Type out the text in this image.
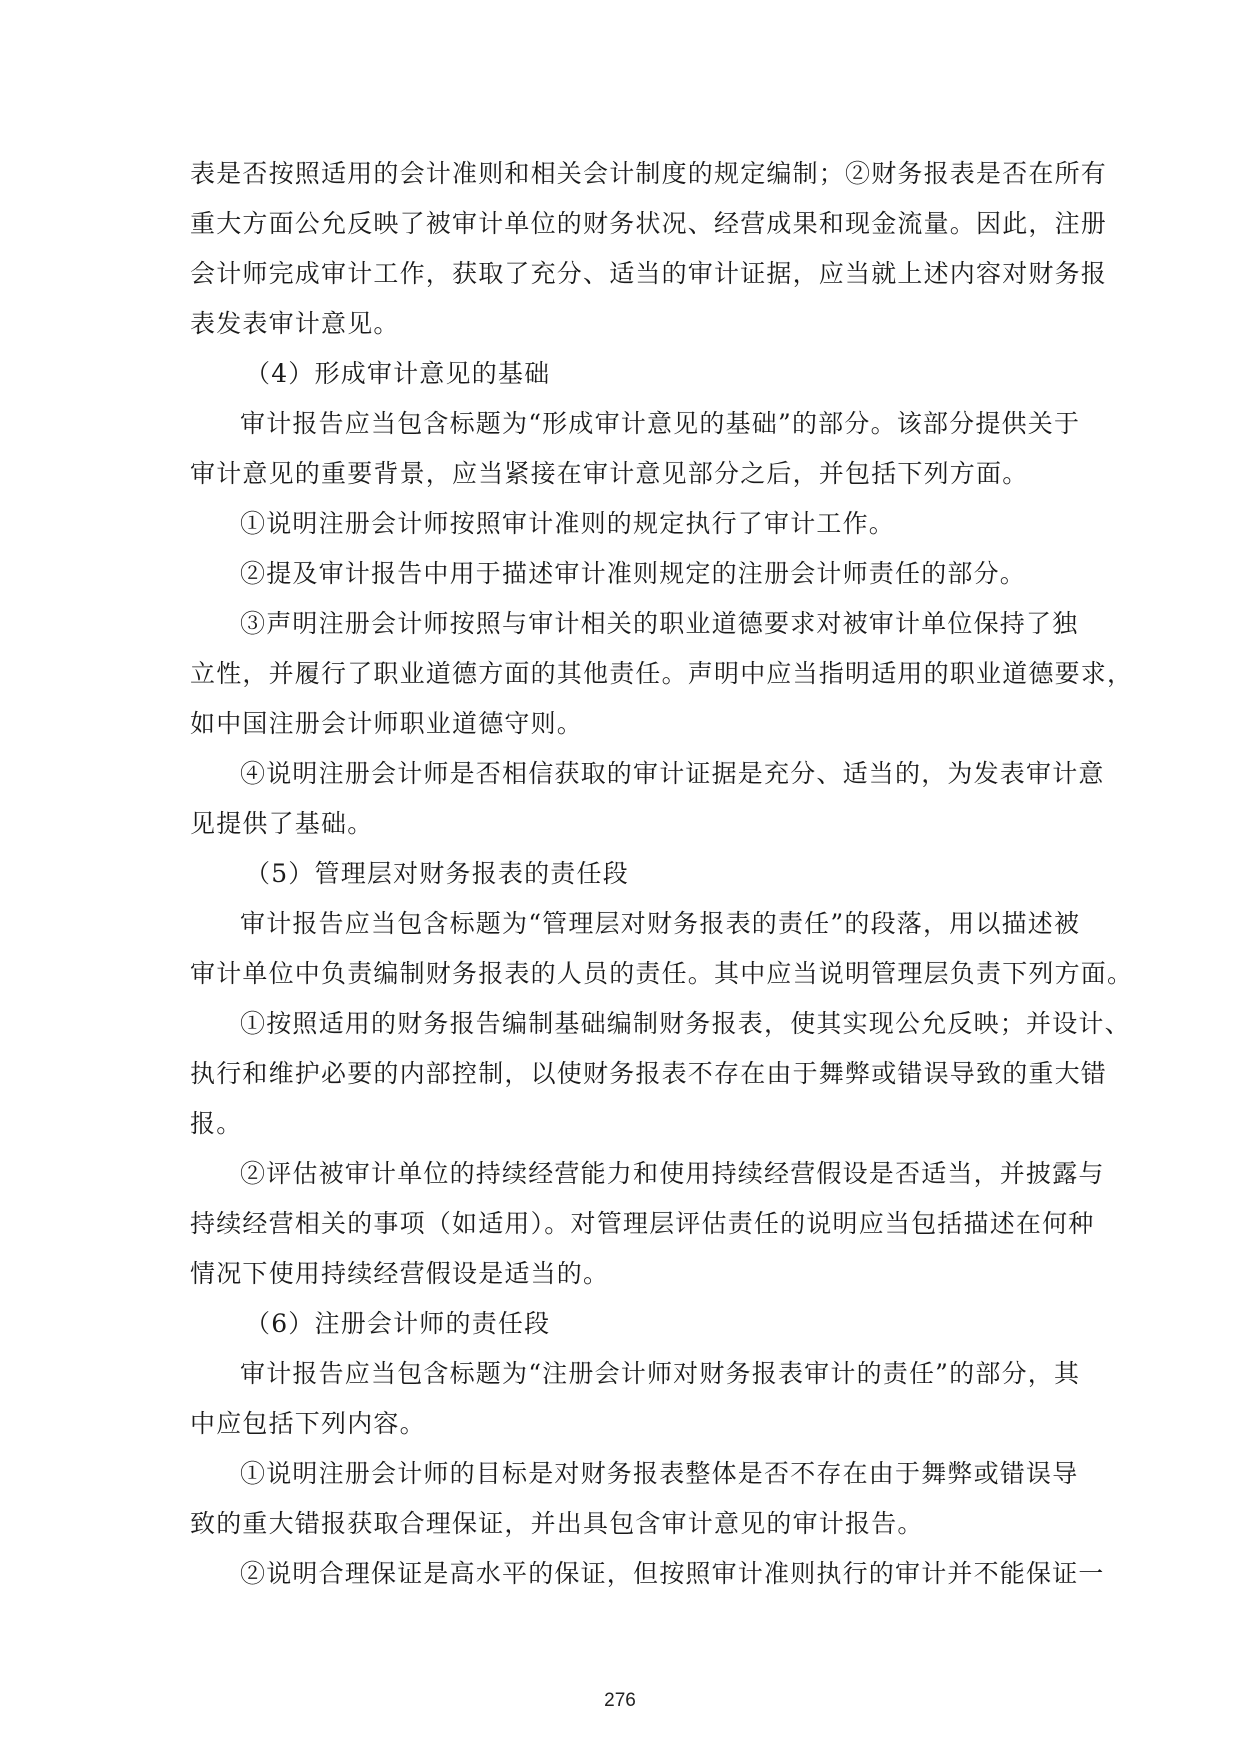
表是否按照适用的会计准则和相关会计制度的规定编制；②财务报表是否在所有
重大方面公允反映了被审计单位的财务状况、经营成果和现金流量。因此，注册
会计师完成审计工作，获取了充分、适当的审计证据，应当就上述内容对财务报
表发表审计意见。
（4）形成审计意见的基础
审计报告应当包含标题为“形成审计意见的基础”的部分。该部分提供关于
审计意见的重要背景，应当紧接在审计意见部分之后，并包括下列方面。
①说明注册会计师按照审计准则的规定执行了审计工作。
②提及审计报告中用于描述审计准则规定的注册会计师责任的部分。
③声明注册会计师按照与审计相关的职业道德要求对被审计单位保持了独
立性，并履行了职业道德方面的其他责任。声明中应当指明适用的职业道德要求，
如中国注册会计师职业道德守则。
④说明注册会计师是否相信获取的审计证据是充分、适当的，为发表审计意
见提供了基础。
（5）管理层对财务报表的责任段
审计报告应当包含标题为“管理层对财务报表的责任”的段落，用以描述被
审计单位中负责编制财务报表的人员的责任。其中应当说明管理层负责下列方面。
①按照适用的财务报告编制基础编制财务报表，使其实现公允反映；并设计、
执行和维护必要的内部控制，以使财务报表不存在由于舞弊或错误导致的重大错
报。
②评估被审计单位的持续经营能力和使用持续经营假设是否适当，并披露与
持续经营相关的事项（如适用）。对管理层评估责任的说明应当包括描述在何种
情况下使用持续经营假设是适当的。
（6）注册会计师的责任段
审计报告应当包含标题为“注册会计师对财务报表审计的责任”的部分，其
中应包括下列内容。
①说明注册会计师的目标是对财务报表整体是否不存在由于舞弊或错误导
致的重大错报获取合理保证，并出具包含审计意见的审计报告。
②说明合理保证是高水平的保证，但按照审计准则执行的审计并不能保证一
276
